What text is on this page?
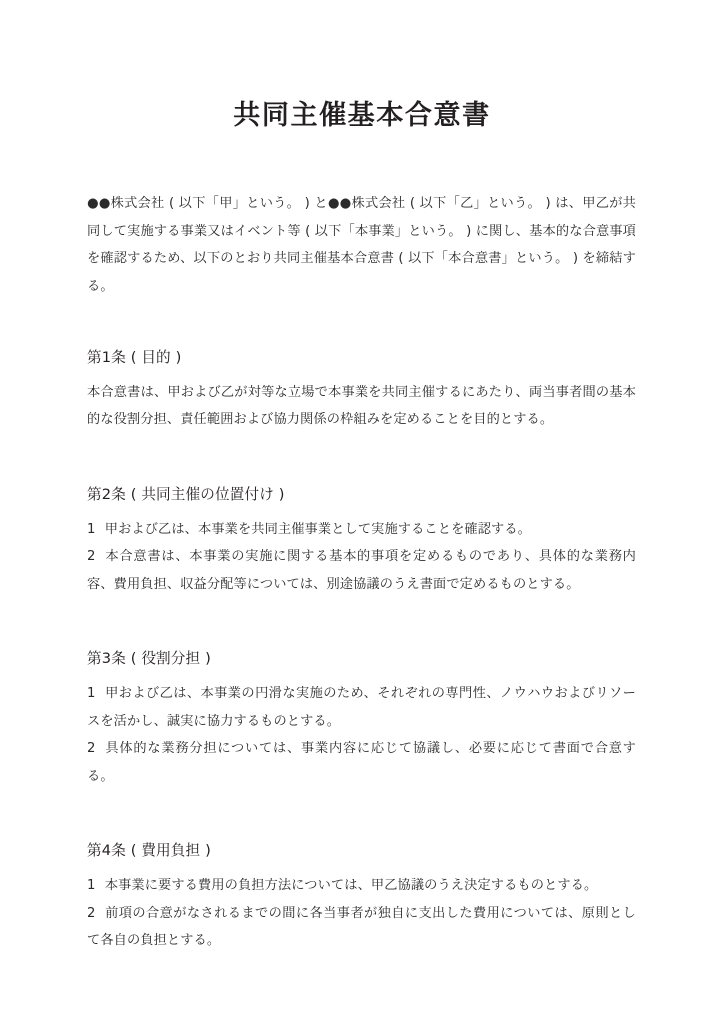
共同主催基本合意書

●●株式会社 ( 以下「甲」という。 ) と●●株式会社 ( 以下「乙」という。 ) は、甲乙が共同して実施する事業又はイベント等 ( 以下「本事業」という。 ) に関し、基本的な合意事項を確認するため、以下のとおり共同主催基本合意書 ( 以下「本合意書」という。 ) を締結する。

第1条 ( 目的 )

本合意書は、甲および乙が対等な立場で本事業を共同主催するにあたり、両当事者間の基本的な役割分担、責任範囲および協力関係の枠組みを定めることを目的とする。

第2条 ( 共同主催の位置付け )

1 甲および乙は、本事業を共同主催事業として実施することを確認する。

2 本合意書は、本事業の実施に関する基本的事項を定めるものであり、具体的な業務内容、費用負担、収益分配等については、別途協議のうえ書面で定めるものとする。

第3条 ( 役割分担 )

1 甲および乙は、本事業の円滑な実施のため、それぞれの専門性、ノウハウおよびリソースを活かし、誠実に協力するものとする。

2 具体的な業務分担については、事業内容に応じて協議し、必要に応じて書面で合意する。

第4条 ( 費用負担 )

1 本事業に要する費用の負担方法については、甲乙協議のうえ決定するものとする。

2 前項の合意がなされるまでの間に各当事者が独自に支出した費用については、原則として各自の負担とする。
